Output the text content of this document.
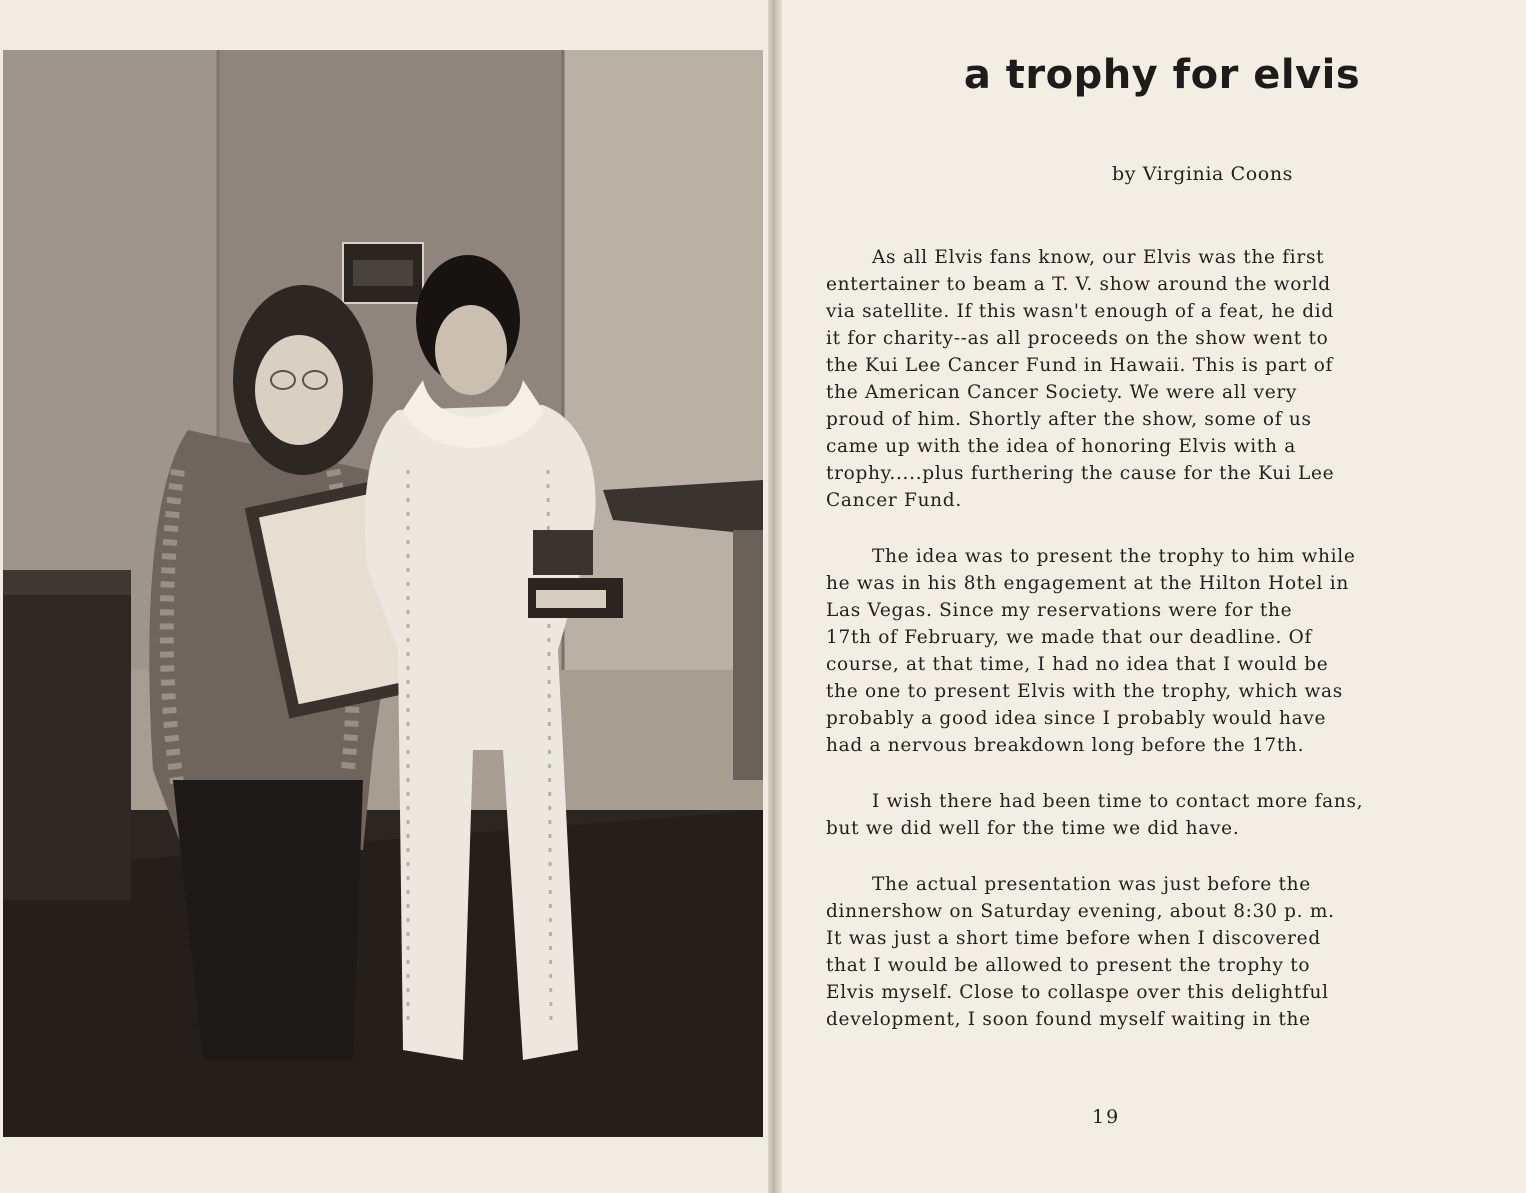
a trophy for elvis

by Virginia Coons

As all Elvis fans know, our Elvis was the first
entertainer to beam a T. V. show around the world
via satellite. If this wasn't enough of a feat, he did
it for charity--as all proceeds on the show went to
the Kui Lee Cancer Fund in Hawaii. This is part of
the American Cancer Society. We were all very
proud of him. Shortly after the show, some of us
came up with the idea of honoring Elvis with a
trophy.....plus furthering the cause for the Kui Lee
Cancer Fund.

The idea was to present the trophy to him while
he was in his 8th engagement at the Hilton Hotel in
Las Vegas. Since my reservations were for the
17th of February, we made that our deadline. Of
course, at that time, I had no idea that I would be
the one to present Elvis with the trophy, which was
probably a good idea since I probably would have
had a nervous breakdown long before the 17th.

I wish there had been time to contact more fans,
but we did well for the time we did have.

The actual presentation was just before the
dinnershow on Saturday evening, about 8:30 p. m.
It was just a short time before when I discovered
that I would be allowed to present the trophy to
Elvis myself. Close to collaspe over this delightful
development, I soon found myself waiting in the

19
